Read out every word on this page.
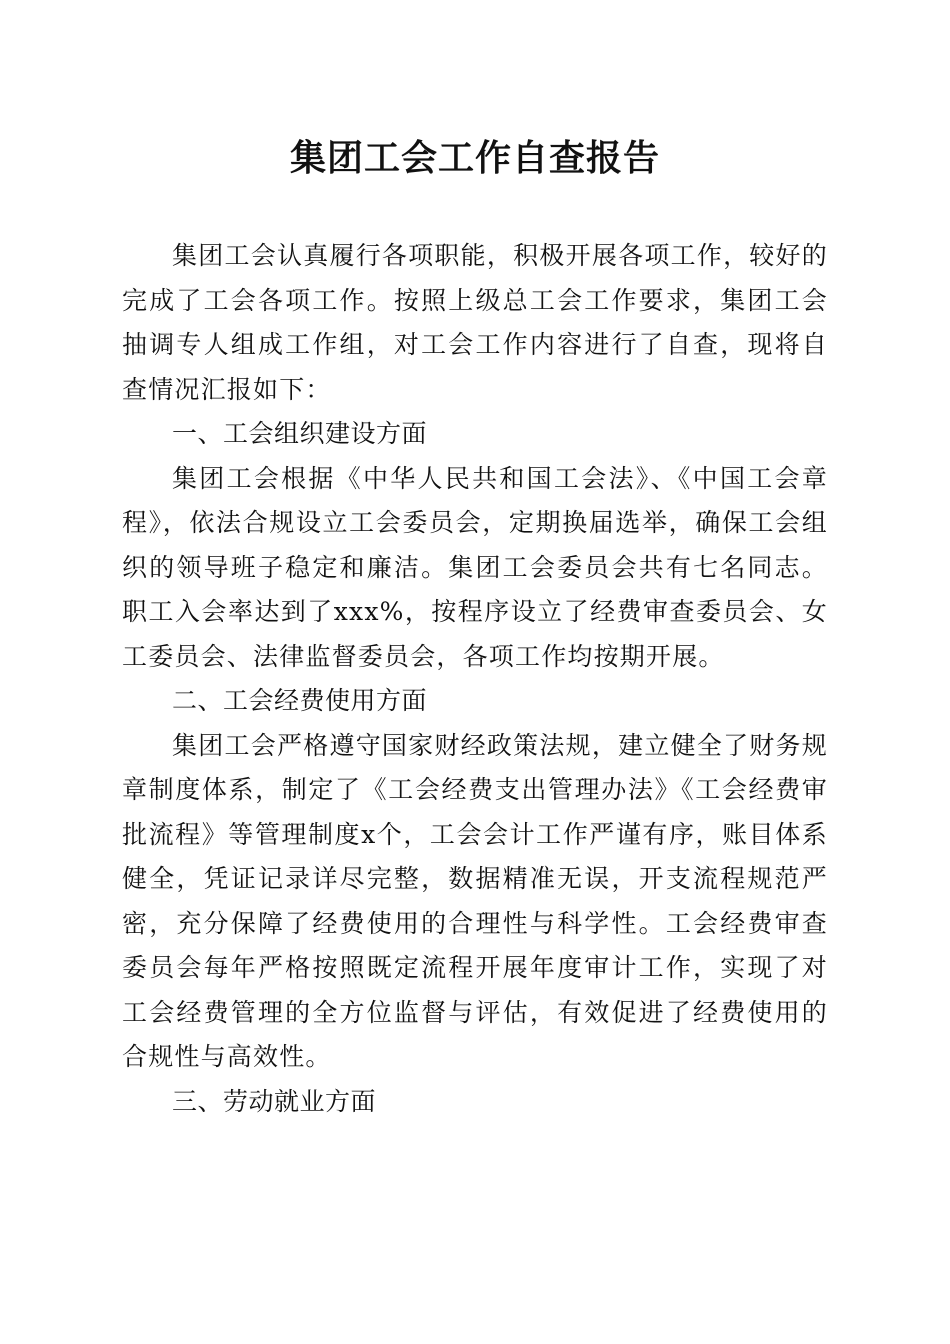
集团工会工作自查报告

集团工会认真履行各项职能，积极开展各项工作，较好的完成了工会各项工作。按照上级总工会工作要求，集团工会抽调专人组成工作组，对工会工作内容进行了自查，现将自查情况汇报如下：

一、工会组织建设方面

集团工会根据《中华人民共和国工会法》、《中国工会章程》，依法合规设立工会委员会，定期换届选举，确保工会组织的领导班子稳定和廉洁。集团工会委员会共有七名同志。职工入会率达到了xxx%，按程序设立了经费审查委员会、女工委员会、法律监督委员会，各项工作均按期开展。

二、工会经费使用方面

集团工会严格遵守国家财经政策法规，建立健全了财务规章制度体系，制定了《工会经费支出管理办法》《工会经费审批流程》等管理制度x个，工会会计工作严谨有序，账目体系健全，凭证记录详尽完整，数据精准无误，开支流程规范严密，充分保障了经费使用的合理性与科学性。工会经费审查委员会每年严格按照既定流程开展年度审计工作，实现了对工会经费管理的全方位监督与评估，有效促进了经费使用的合规性与高效性。

三、劳动就业方面
